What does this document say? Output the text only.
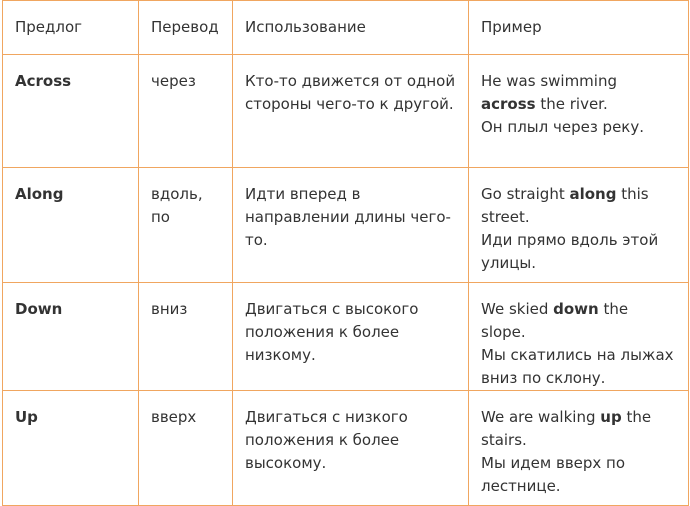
Предлог	Перевод	Использование	Пример
Across	через	Кто-то движется от одной стороны чего-то к другой.	He was swimming across the river.
Он плыл через реку.

Along	вдоль, по	Идти вперед в направлении длины чего-то.	Go straight along this street.
Иди прямо вдоль этой улицы.

Down	вниз	Двигаться с высокого положения к более низкому.	We skied down the slope.
Мы скатились на лыжах вниз по склону.

Up	вверх	Двигаться с низкого положения к более высокому.	We are walking up the stairs.
Мы идем вверх по лестнице.
